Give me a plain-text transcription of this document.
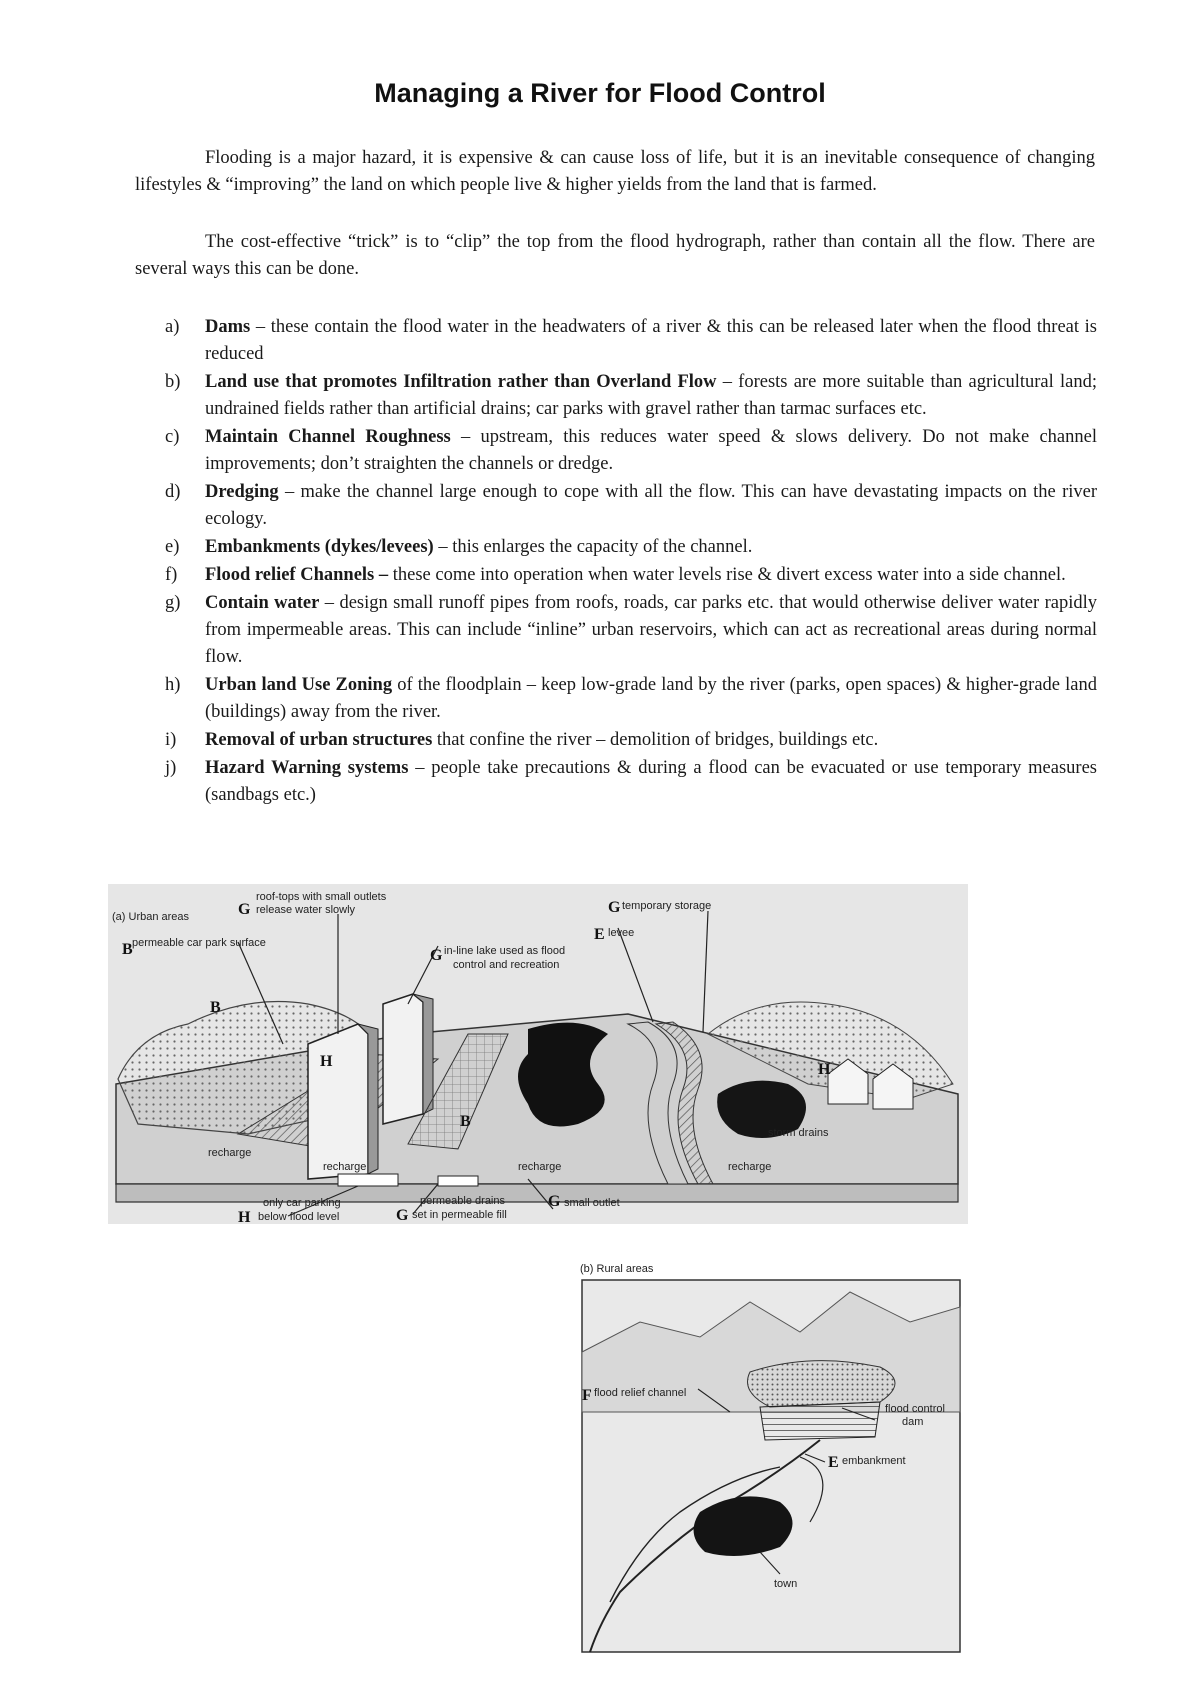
Managing a River for Flood Control

Flooding is a major hazard, it is expensive & can cause loss of life, but it is an inevitable consequence of changing lifestyles & “improving” the land on which people live & higher yields from the land that is farmed.

The cost-effective “trick” is to “clip” the top from the flood hydrograph, rather than contain all the flow. There are several ways this can be done.

a) Dams – these contain the flood water in the headwaters of a river & this can be released later when the flood threat is reduced
b) Land use that promotes Infiltration rather than Overland Flow – forests are more suitable than agricultural land; undrained fields rather than artificial drains; car parks with gravel rather than tarmac surfaces etc.
c) Maintain Channel Roughness – upstream, this reduces water speed & slows delivery. Do not make channel improvements; don’t straighten the channels or dredge.
d) Dredging – make the channel large enough to cope with all the flow. This can have devastating impacts on the river ecology.
e) Embankments (dykes/levees) – this enlarges the capacity of the channel.
f) Flood relief Channels – these come into operation when water levels rise & divert excess water into a side channel.
g) Contain water – design small runoff pipes from roofs, roads, car parks etc. that would otherwise deliver water rapidly from impermeable areas. This can include “inline” urban reservoirs, which can act as recreational areas during normal flow.
h) Urban land Use Zoning of the floodplain – keep low-grade land by the river (parks, open spaces) & higher-grade land (buildings) away from the river.
i) Removal of urban structures that confine the river – demolition of bridges, buildings etc.
j) Hazard Warning systems – people take precautions & during a flood can be evacuated or use temporary measures (sandbags etc.)
(a) Urban areas	G
roof-tops with small outlets
release water slowly
B permeable car park surface
B
H
G in-line lake used as flood
control and recreation
G temporary storage
E levee
B
H
storm drains
recharge
recharge	recharge	recharge
only car parking
H below flood level
permeable drains
G set in permeable fill
G small outlet
(b) Rural areas
F flood relief channel
flood control
dam
E embankment
town
